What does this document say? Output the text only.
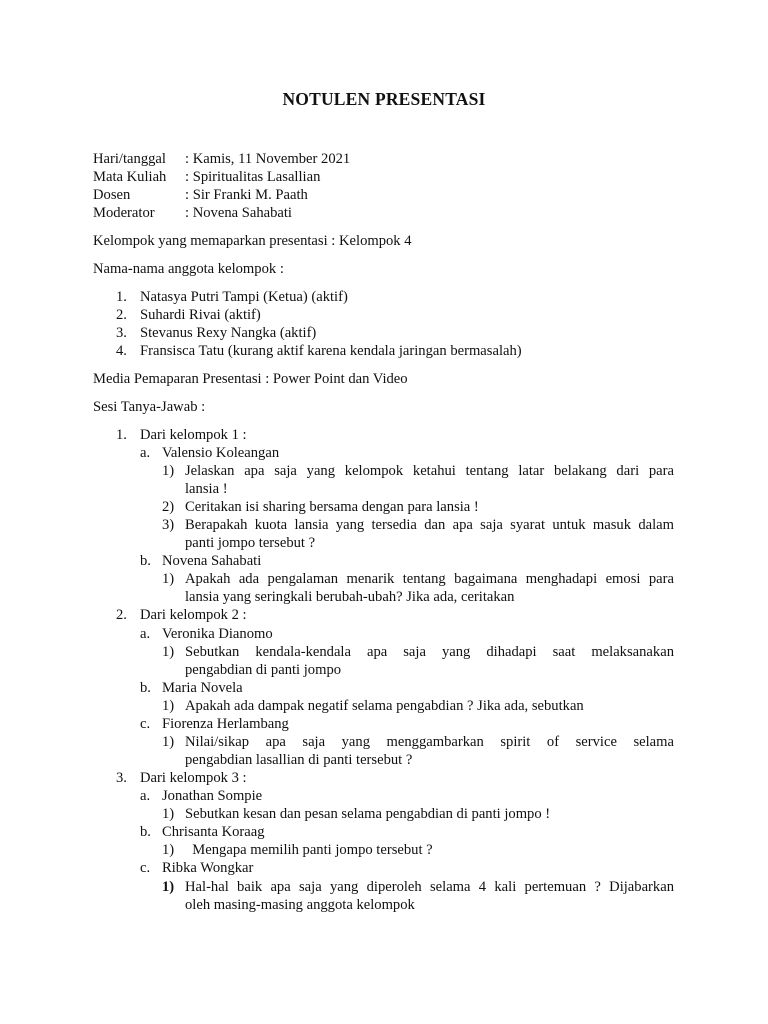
NOTULEN PRESENTASI
Hari/tanggal : Kamis, 11 November 2021
Mata Kuliah : Spiritualitas Lasallian
Dosen	: Sir Franki M. Paath
Moderator : Novena Sahabati
Kelompok yang memaparkan presentasi : Kelompok 4
Nama-nama anggota kelompok :
1. Natasya Putri Tampi (Ketua) (aktif)
2. Suhardi Rivai (aktif)
3. Stevanus Rexy Nangka (aktif)
4. Fransisca Tatu (kurang aktif karena kendala jaringan bermasalah)
Media Pemaparan Presentasi : Power Point dan Video
Sesi Tanya-Jawab :
1. Dari kelompok 1 :
a. Valensio Koleangan
1) Jelaskan apa saja yang kelompok ketahui tentang latar belakang dari para
lansia !
2) Ceritakan isi sharing bersama dengan para lansia !
3) Berapakah kuota lansia yang tersedia dan apa saja syarat untuk masuk dalam
panti jompo tersebut ?
b. Novena Sahabati
1) Apakah ada pengalaman menarik tentang bagaimana menghadapi emosi para
lansia yang seringkali berubah-ubah? Jika ada, ceritakan
2. Dari kelompok 2 :
a. Veronika Dianomo
1) Sebutkan kendala-kendala apa saja yang dihadapi saat melaksanakan
pengabdian di panti jompo
b. Maria Novela
1) Apakah ada dampak negatif selama pengabdian ? Jika ada, sebutkan
c. Fiorenza Herlambang
1) Nilai/sikap apa saja yang menggambarkan spirit of service selama
pengabdian lasallian di panti tersebut ?
3. Dari kelompok 3 :
a. Jonathan Sompie
1) Sebutkan kesan dan pesan selama pengabdian di panti jompo !
b. Chrisanta Koraag
1) Mengapa memilih panti jompo tersebut ?
c. Ribka Wongkar
1) Hal-hal baik apa saja yang diperoleh selama 4 kali pertemuan ? Dijabarkan
oleh masing-masing anggota kelompok
